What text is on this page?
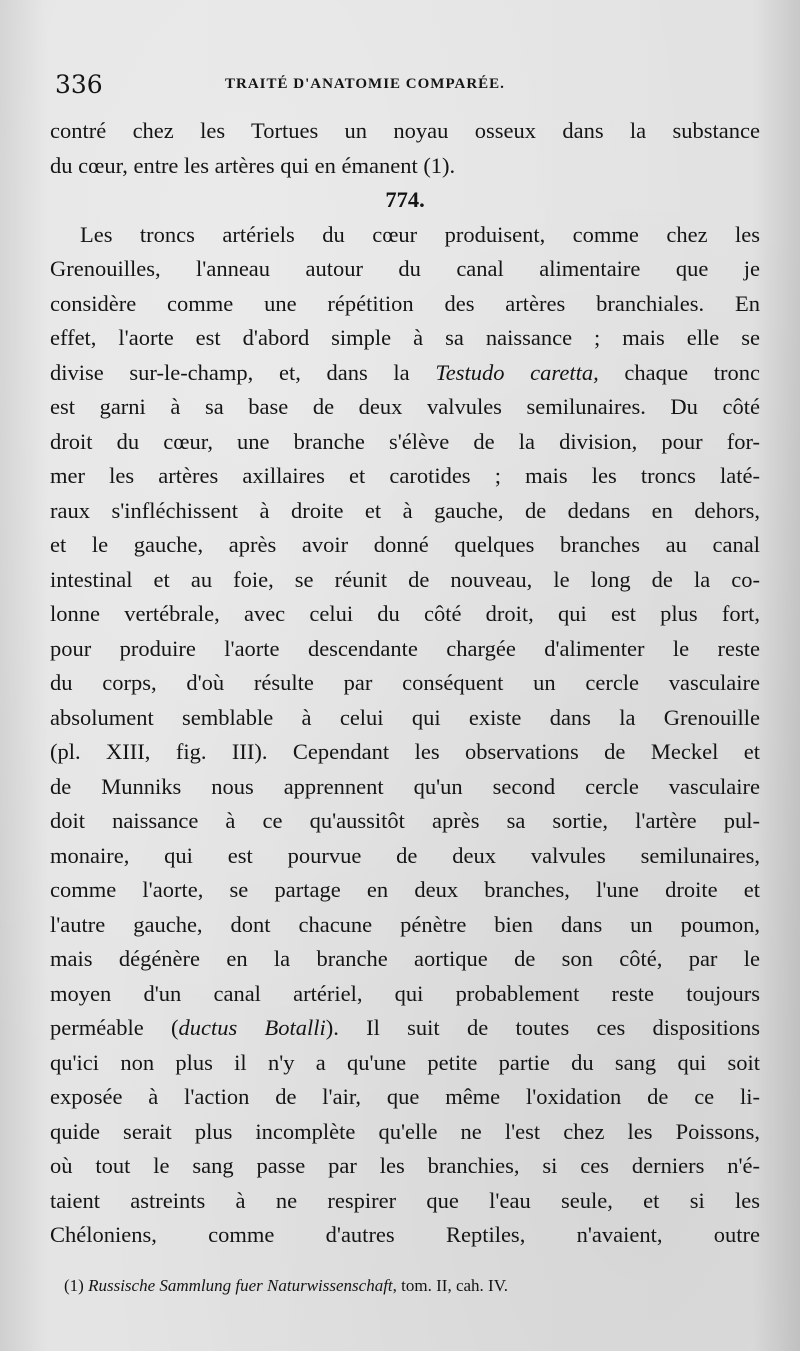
336	TRAITÉ D'ANATOMIE COMPARÉE.
contré chez les Tortues un noyau osseux dans la substance
du cœur, entre les artères qui en émanent (1).
774.
Les troncs artériels du cœur produisent, comme chez les
Grenouilles, l'anneau autour du canal alimentaire que je
considère comme une répétition des artères branchiales. En
effet, l'aorte est d'abord simple à sa naissance ; mais elle se
divise sur-le-champ, et, dans la Testudo caretta, chaque tronc
est garni à sa base de deux valvules semilunaires. Du côté
droit du cœur, une branche s'élève de la division, pour for-
mer les artères axillaires et carotides ; mais les troncs laté-
raux s'infléchissent à droite et à gauche, de dedans en dehors,
et le gauche, après avoir donné quelques branches au canal
intestinal et au foie, se réunit de nouveau, le long de la co-
lonne vertébrale, avec celui du côté droit, qui est plus fort,
pour produire l'aorte descendante chargée d'alimenter le reste
du corps, d'où résulte par conséquent un cercle vasculaire
absolument semblable à celui qui existe dans la Grenouille
(pl. XIII, fig. III). Cependant les observations de Meckel et
de Munniks nous apprennent qu'un second cercle vasculaire
doit naissance à ce qu'aussitôt après sa sortie, l'artère pul-
monaire, qui est pourvue de deux valvules semilunaires,
comme l'aorte, se partage en deux branches, l'une droite et
l'autre gauche, dont chacune pénètre bien dans un poumon,
mais dégénère en la branche aortique de son côté, par le
moyen d'un canal artériel, qui probablement reste toujours
perméable (ductus Botalli). Il suit de toutes ces dispositions
qu'ici non plus il n'y a qu'une petite partie du sang qui soit
exposée à l'action de l'air, que même l'oxidation de ce li-
quide serait plus incomplète qu'elle ne l'est chez les Poissons,
où tout le sang passe par les branchies, si ces derniers n'é-
taient astreints à ne respirer que l'eau seule, et si les
Chéloniens, comme d'autres Reptiles, n'avaient, outre
(1) Russische Sammlung fuer Naturwissenschaft, tom. II, cah. IV.
